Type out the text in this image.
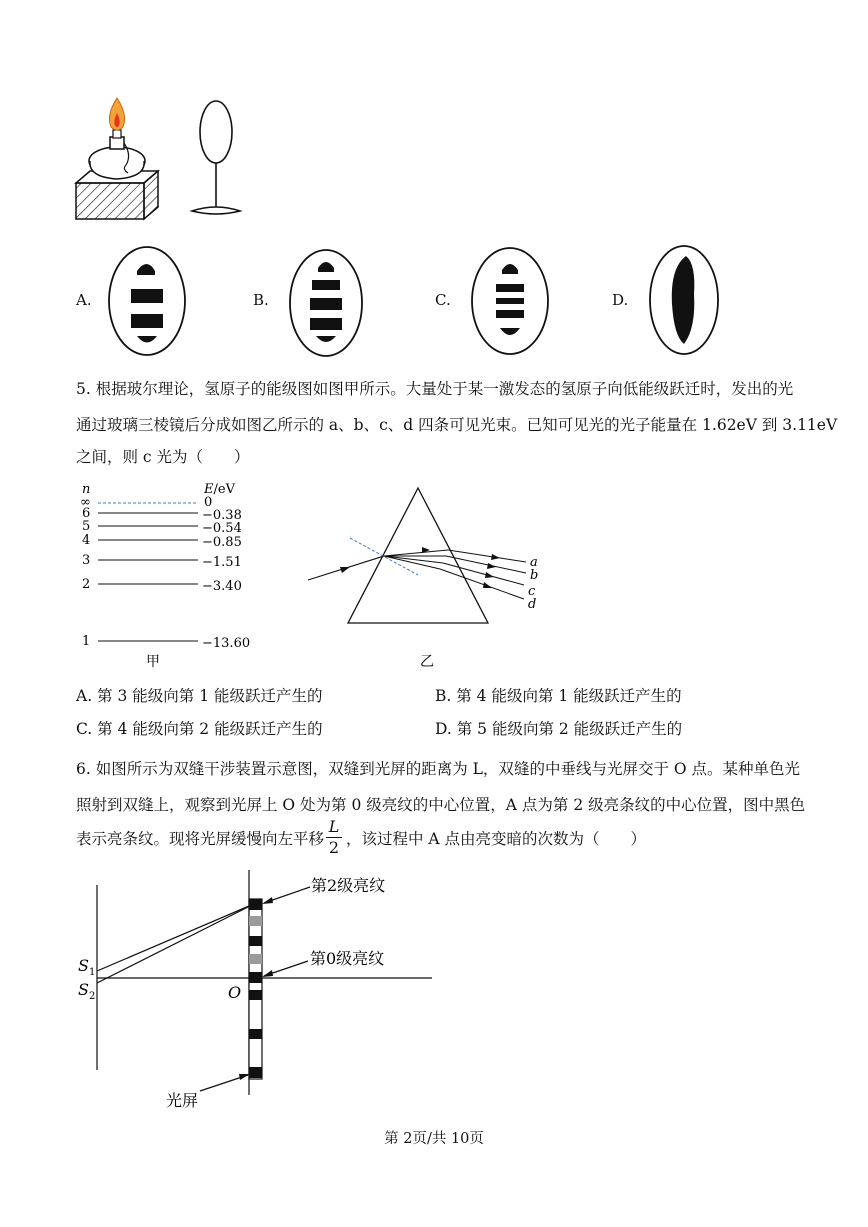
A.	B.	C.	D.
5. 根据玻尔理论，氢原子的能级图如图甲所示。大量处于某一激发态的氢原子向低能级跃迁时，发出的光
通过玻璃三棱镜后分成如图乙所示的 a、b、c、d 四条可见光束。已知可见光的光子能量在 1.62eV 到 3.11eV
之间，则 c 光为（　　）
n	E/eV
∞	0
6	−0.38
5	−0.54
4	−0.85
3	−1.51
2	−3.40
1	−13.60
甲
a
b
c
d
乙
A. 第 3 能级向第 1 能级跃迁产生的	B. 第 4 能级向第 1 能级跃迁产生的
C. 第 4 能级向第 2 能级跃迁产生的	D. 第 5 能级向第 2 能级跃迁产生的
6. 如图所示为双缝干涉装置示意图，双缝到光屏的距离为 L，双缝的中垂线与光屏交于 O 点。某种单色光
照射到双缝上，观察到光屏上 O 处为第 0 级亮纹的中心位置，A 点为第 2 级亮条纹的中心位置，图中黑色
表示亮条纹。现将光屏缓慢向左平移
L
2 ，该过程中 A 点由亮变暗的次数为（　　）
第2级亮纹
第0级亮纹
光屏
$S_1$
$S_2$	O
第 2页/共 10页
